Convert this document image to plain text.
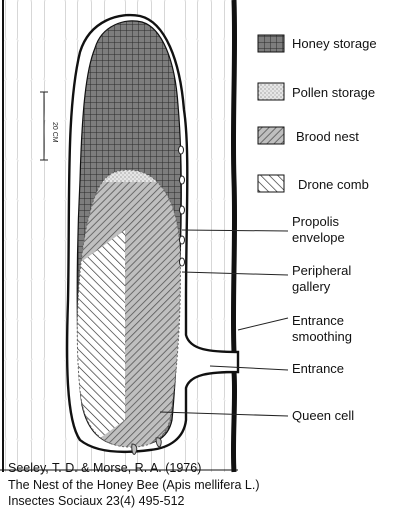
20 CM
Honey storage
Pollen storage
Brood nest
Drone comb
Propolis
envelope
Peripheral
gallery
Entrance
smoothing
Entrance
Queen cell
Seeley, T. D. & Morse, R. A. (1976)
The Nest of the Honey Bee (Apis mellifera L.)
Insectes Sociaux 23(4) 495-512
